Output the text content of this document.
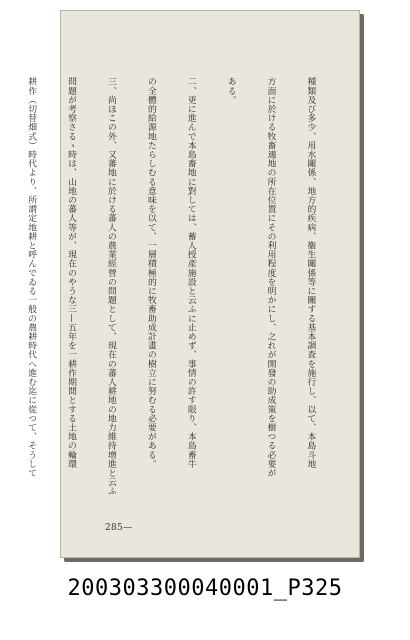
種類及び多少、用水關係、地方的疾病、衞生關係等に關する基本調査を施行し、以て、本島斗地

方面に於ける牧畜適地の所在位置にその利用程度を明かにし、之れが開發の助成策を樹つる必要が

ある。

二、更に進んで本島畜地に對しては、蓄人授產施設と云ふに止めず、事情の許す限り、本島畜牛

の全體的給源地たらしむる意味を以て、一層積極的に牧畜助成計畫の樹立に努むる必要がある。

三、尚ほこの外、又蕃地に於ける蕃人の農業經營の問題として、現在の蕃人耕地の地力維持增進と云ふ

問題が考察さるゝ時は、山地の蕃人等が、現在のやうな三—五年を一耕作期間とする土地の輪環

耕作（切替畑式）時代より、所謂定地耕と呼んでゐる一般の農耕時代へ進む迄に從つて、そうして

285—
200303300040001_P325
